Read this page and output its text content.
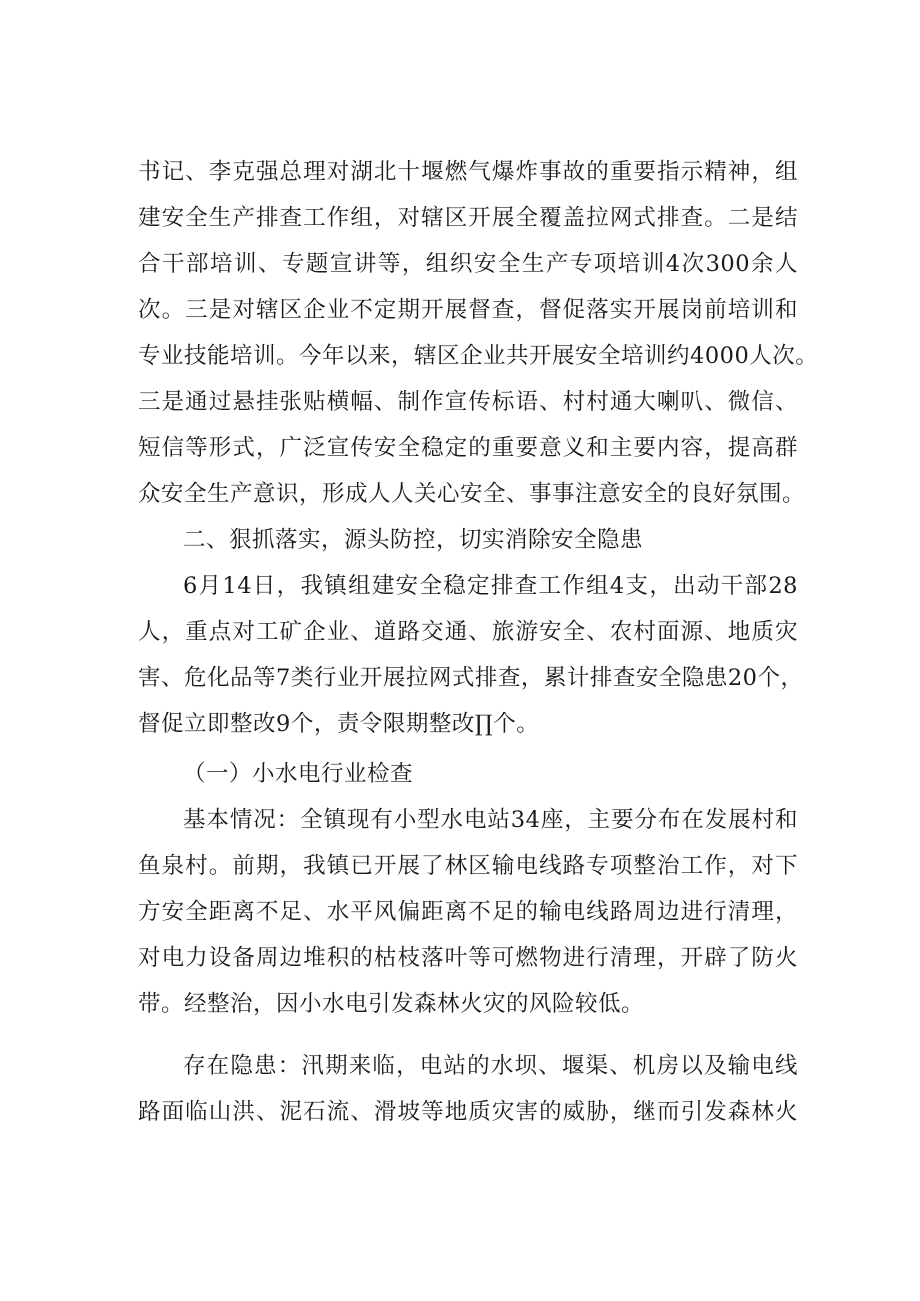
书记、李克强总理对湖北十堰燃气爆炸事故的重要指示精神，组
建安全生产排查工作组，对辖区开展全覆盖拉网式排查。二是结
合干部培训、专题宣讲等，组织安全生产专项培训4次300余人
次。三是对辖区企业不定期开展督查，督促落实开展岗前培训和
专业技能培训。今年以来，辖区企业共开展安全培训约4000人次。
三是通过悬挂张贴横幅、制作宣传标语、村村通大喇叭、微信、
短信等形式，广泛宣传安全稳定的重要意义和主要内容，提高群
众安全生产意识，形成人人关心安全、事事注意安全的良好氛围。
二、狠抓落实，源头防控，切实消除安全隐患
6月14日，我镇组建安全稳定排查工作组4支，出动干部28
人，重点对工矿企业、道路交通、旅游安全、农村面源、地质灾
害、危化品等7类行业开展拉网式排查，累计排查安全隐患20个，
督促立即整改9个，责令限期整改∏个。
（一）小水电行业检查
基本情况：全镇现有小型水电站34座，主要分布在发展村和
鱼泉村。前期，我镇已开展了林区输电线路专项整治工作，对下
方安全距离不足、水平风偏距离不足的输电线路周边进行清理，
对电力设备周边堆积的枯枝落叶等可燃物进行清理，开辟了防火
带。经整治，因小水电引发森林火灾的风险较低。
存在隐患：汛期来临，电站的水坝、堰渠、机房以及输电线
路面临山洪、泥石流、滑坡等地质灾害的威胁，继而引发森林火
